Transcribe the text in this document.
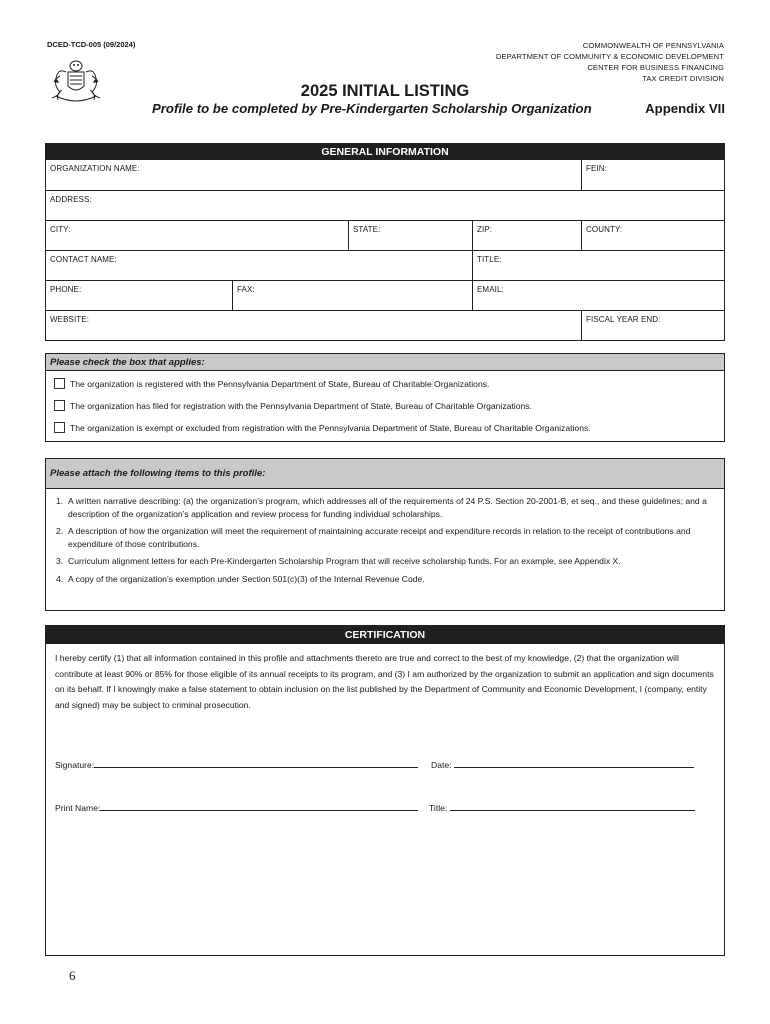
DCED-TCD-005 (09/2024)	COMMONWEALTH OF PENNSYLVANIA
DEPARTMENT OF COMMUNITY & ECONOMIC DEVELOPMENT
CENTER FOR BUSINESS FINANCING
TAX CREDIT DIVISION
2025 INITIAL LISTING
Profile to be completed by Pre-Kindergarten Scholarship Organization	Appendix VII
GENERAL INFORMATION
ORGANIZATION NAME:	FEIN:
ADDRESS:
CITY:	STATE:	ZIP:	COUNTY:
CONTACT NAME:	TITLE:
PHONE:	FAX:	EMAIL:
WEBSITE:	FISCAL YEAR END:
Please check the box that applies:
The organization is registered with the Pennsylvania Department of State, Bureau of Charitable Organizations.
The organization has filed for registration with the Pennsylvania Department of State, Bureau of Charitable Organizations.
The organization is exempt or excluded from registration with the Pennsylvania Department of State, Bureau of Charitable Organizations.
Please attach the following items to this profile:
1. A written narrative describing: (a) the organization’s program, which addresses all of the requirements of 24 P.S. Section 20-2001-B, et seq., and these guidelines; and a description of the organization’s application and review process for funding individual scholarships.
2. A description of how the organization will meet the requirement of maintaining accurate receipt and expenditure records in relation to the receipt of contributions and expenditure of those contributions.
3. Curriculum alignment letters for each Pre-Kindergarten Scholarship Program that will receive scholarship funds. For an example, see Appendix X.
4. A copy of the organization’s exemption under Section 501(c)(3) of the Internal Revenue Code.
CERTIFICATION
I hereby certify (1) that all information contained in this profile and attachments thereto are true and correct to the best of my knowledge, (2) that the organization will contribute at least 90% or 85% for those eligible of its annual receipts to its program, and (3) I am authorized by the organization to submit an application and sign documents on its behalf. If I knowingly make a false statement to obtain inclusion on the list published by the Department of Community and Economic Development, I (company, entity and signed) may be subject to criminal prosecution.
Signature:	Date:
Print Name:	Title:
6
